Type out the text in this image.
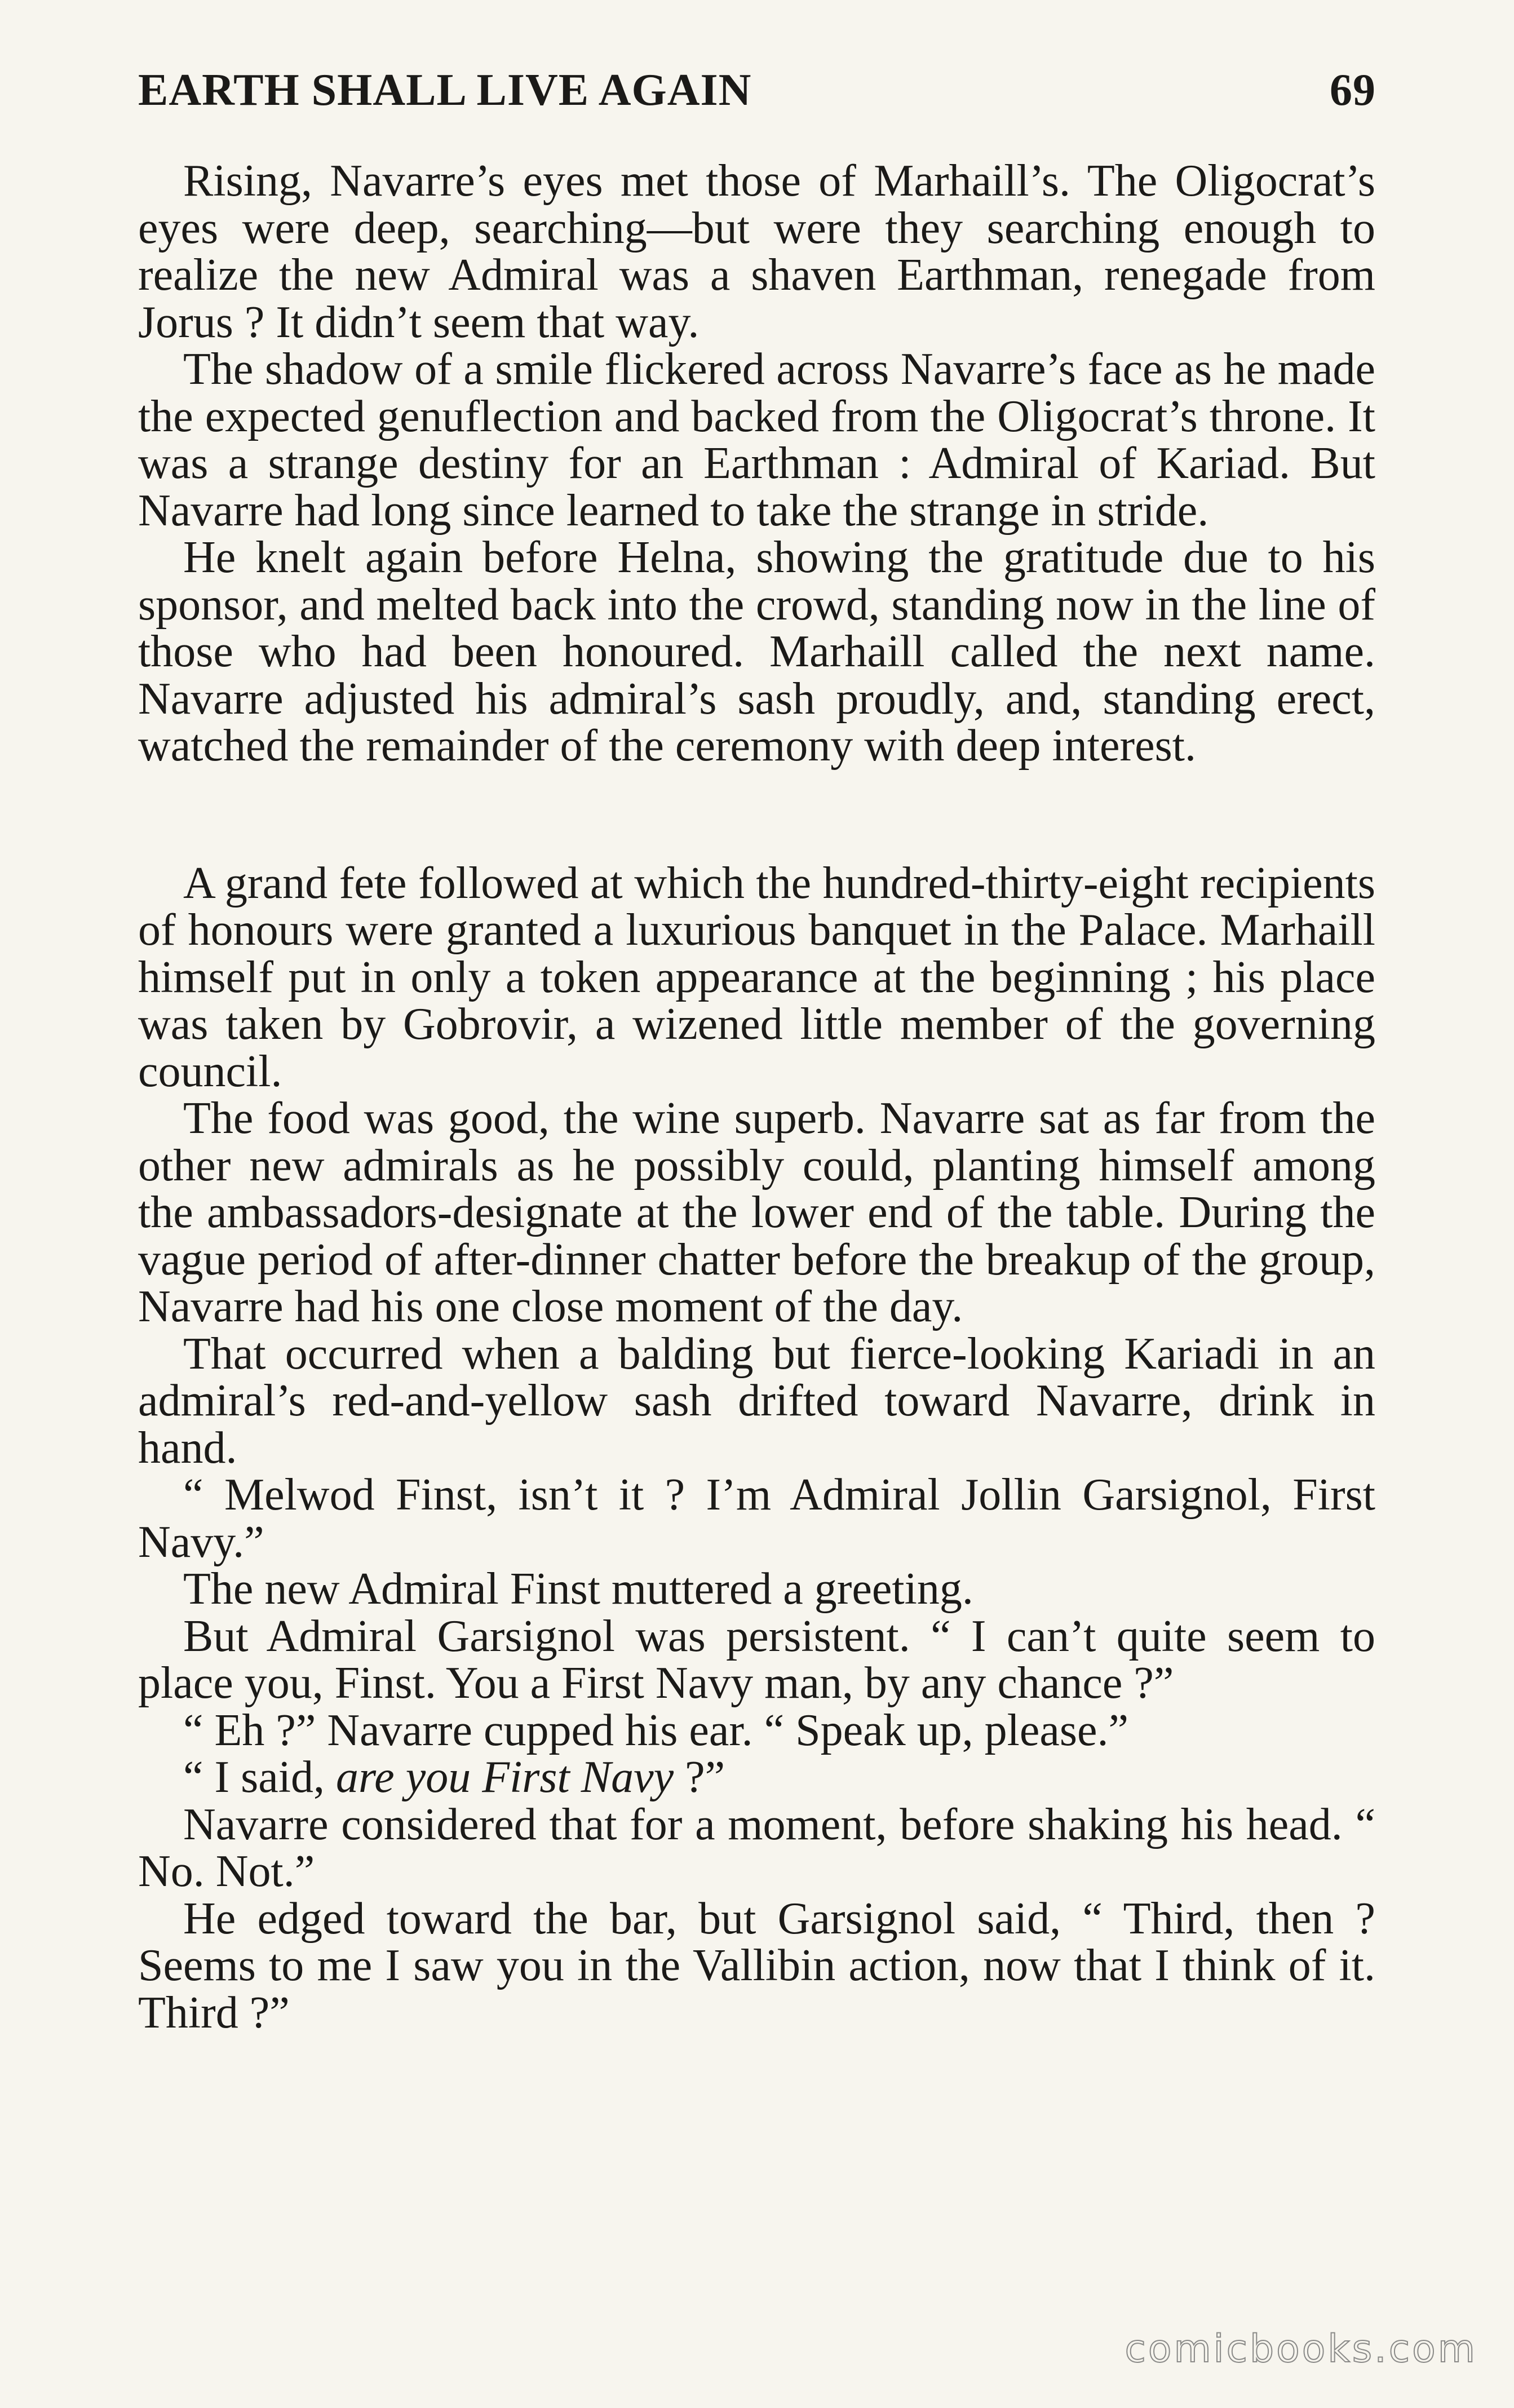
EARTH SHALL LIVE AGAIN	69

Rising, Navarre’s eyes met those of Marhaill’s. The Oligocrat’s eyes were deep, searching—but were they searching enough to realize the new Admiral was a shaven Earthman, renegade from Jorus ? It didn’t seem that way.

The shadow of a smile flickered across Navarre’s face as he made the expected genuflection and backed from the Oligocrat’s throne. It was a strange destiny for an Earthman : Admiral of Kariad. But Navarre had long since learned to take the strange in stride.

He knelt again before Helna, showing the gratitude due to his sponsor, and melted back into the crowd, standing now in the line of those who had been honoured. Marhaill called the next name. Navarre adjusted his admiral’s sash proudly, and, standing erect, watched the remainder of the ceremony with deep interest.

A grand fete followed at which the hundred-thirty-eight recipients of honours were granted a luxurious banquet in the Palace. Marhaill himself put in only a token appearance at the beginning ; his place was taken by Gobrovir, a wizened little member of the governing council.

The food was good, the wine superb. Navarre sat as far from the other new admirals as he possibly could, planting himself among the ambassadors-designate at the lower end of the table. During the vague period of after-dinner chatter before the breakup of the group, Navarre had his one close moment of the day.

That occurred when a balding but fierce-looking Kariadi in an admiral’s red-and-yellow sash drifted toward Navarre, drink in hand.

“ Melwod Finst, isn’t it ? I’m Admiral Jollin Garsignol, First Navy.”

The new Admiral Finst muttered a greeting.

But Admiral Garsignol was persistent. “ I can’t quite seem to place you, Finst. You a First Navy man, by any chance ?”

“ Eh ?” Navarre cupped his ear. “ Speak up, please.”

“ I said, are you First Navy ?”

Navarre considered that for a moment, before shaking his head. “ No. Not.”

He edged toward the bar, but Garsignol said, “ Third, then ? Seems to me I saw you in the Vallibin action, now that I think of it. Third ?”

comicbooks.com
